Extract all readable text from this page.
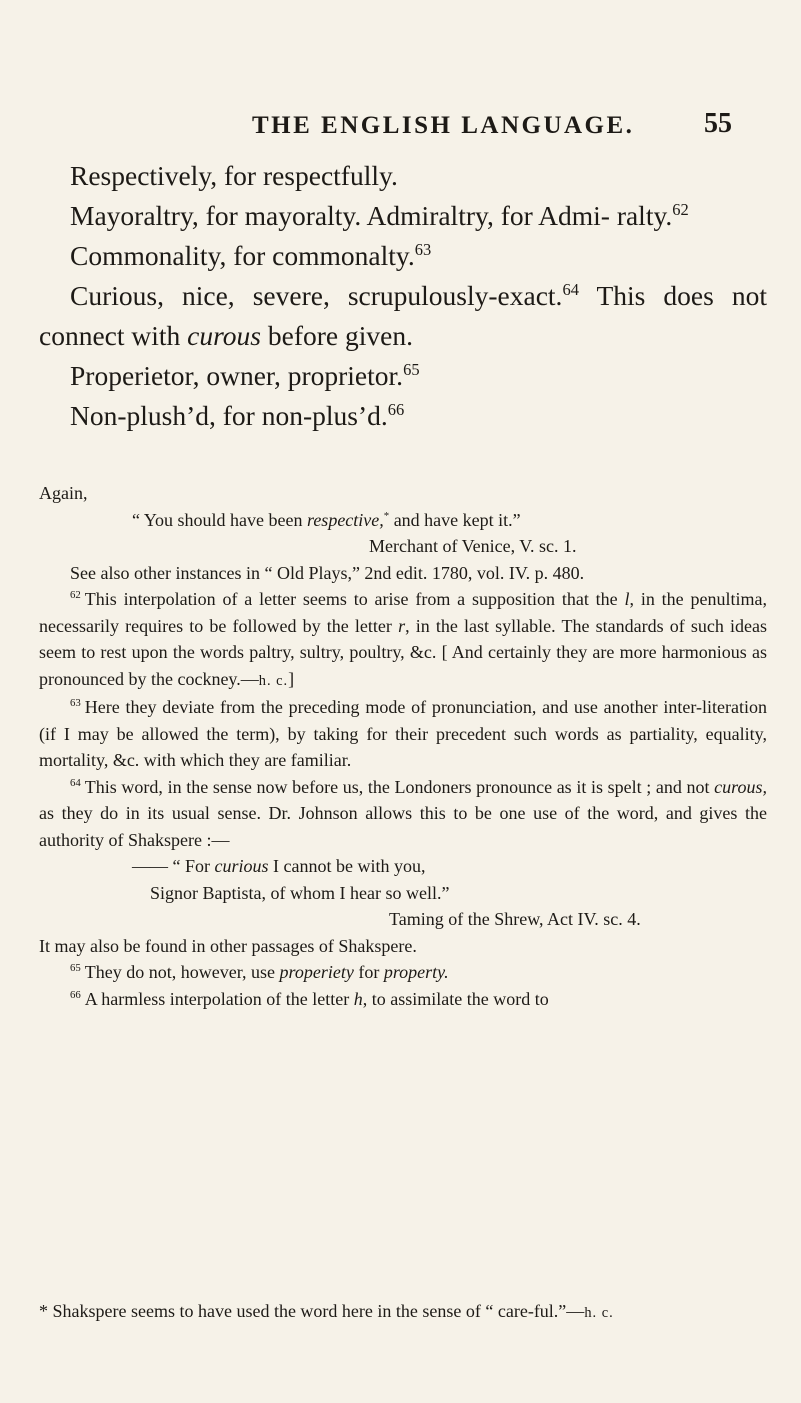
THE ENGLISH LANGUAGE. 55

Respectively, for respectfully.

Mayoraltry, for mayoralty. Admiraltry, for Admi- ralty.$^{62}$

Commonality, for commonalty.$^{63}$

Curious, nice, severe, scrupulously-exact.$^{64}$ This does not connect with curous before given.

Properietor, owner, proprietor.$^{65}$

Non-plush’d, for non-plus’d.$^{66}$

Again,

“ You should have been respective,* and have kept it.”

Merchant of Venice, V. sc. 1.

See also other instances in “ Old Plays,” 2nd edit. 1780, vol. IV. p. 480.

$^{62}$ This interpolation of a letter seems to arise from a supposition that the l, in the penultima, necessarily requires to be followed by the letter r, in the last syllable. The standards of such ideas seem to rest upon the words paltry, sultry, poultry, &c. [ And certainly they are more harmonious as pronounced by the cockney.—h. c.]

$^{63}$ Here they deviate from the preceding mode of pronunciation, and use another inter-literation (if I may be allowed the term), by taking for their precedent such words as partiality, equality, mortality, &c. with which they are familiar.

$^{64}$ This word, in the sense now before us, the Londoners pronounce as it is spelt ; and not curous, as they do in its usual sense. Dr. Johnson allows this to be one use of the word, and gives the authority of Shakspere :—

—— “ For curious I cannot be with you,

Signor Baptista, of whom I hear so well.”

Taming of the Shrew, Act IV. sc. 4.

It may also be found in other passages of Shakspere.

$^{65}$ They do not, however, use properiety for property.

$^{66}$ A harmless interpolation of the letter h, to assimilate the word to

* Shakspere seems to have used the word here in the sense of “ care-ful.”—h. c.
